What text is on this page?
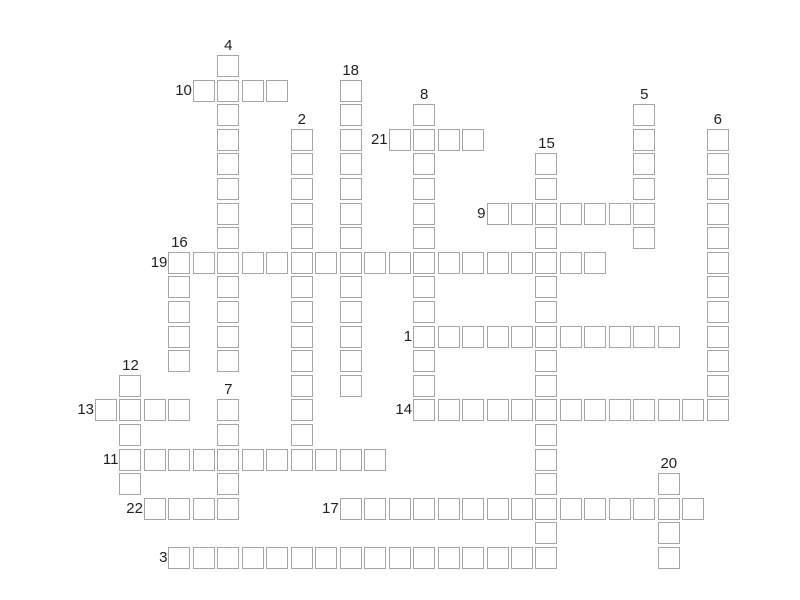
1
2
3
4
5
6
7
8
9
10
11
12
13	14
15
16
17
18
19
20
21
22
